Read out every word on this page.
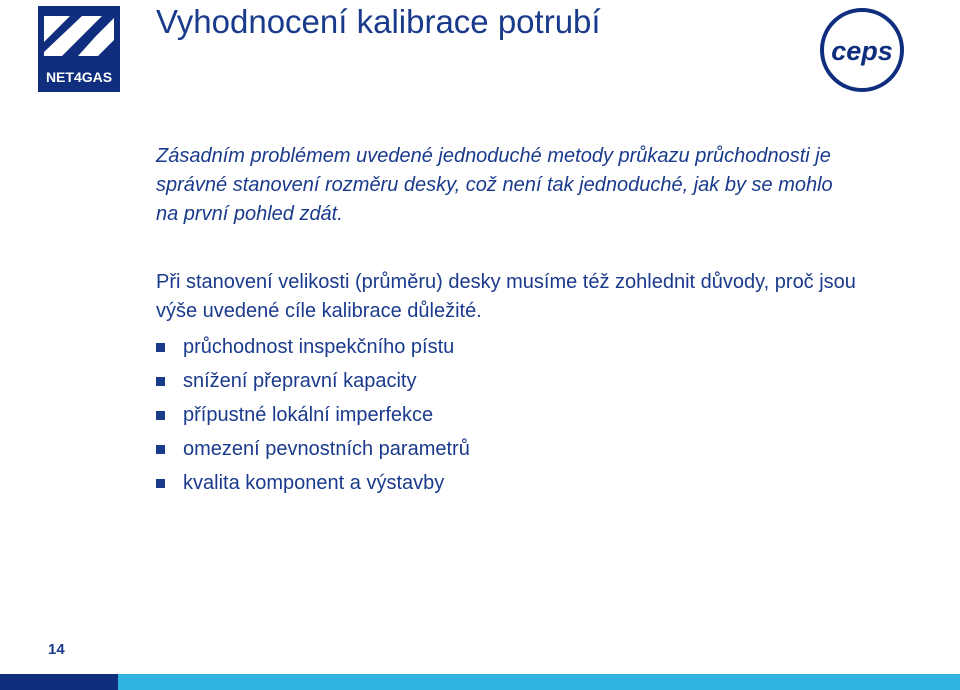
NET4GAS
Vyhodnocení kalibrace potrubí
ceps
Zásadním problémem uvedené jednoduché metody průkazu průchodnosti je správné stanovení rozměru desky, což není tak jednoduché, jak by se mohlo na první pohled zdát.
Při stanovení velikosti (průměru) desky musíme též zohlednit důvody, proč jsou výše uvedené cíle kalibrace důležité.
průchodnost inspekčního pístu
snížení přepravní kapacity
přípustné lokální imperfekce
omezení pevnostních parametrů
kvalita komponent a výstavby
14
